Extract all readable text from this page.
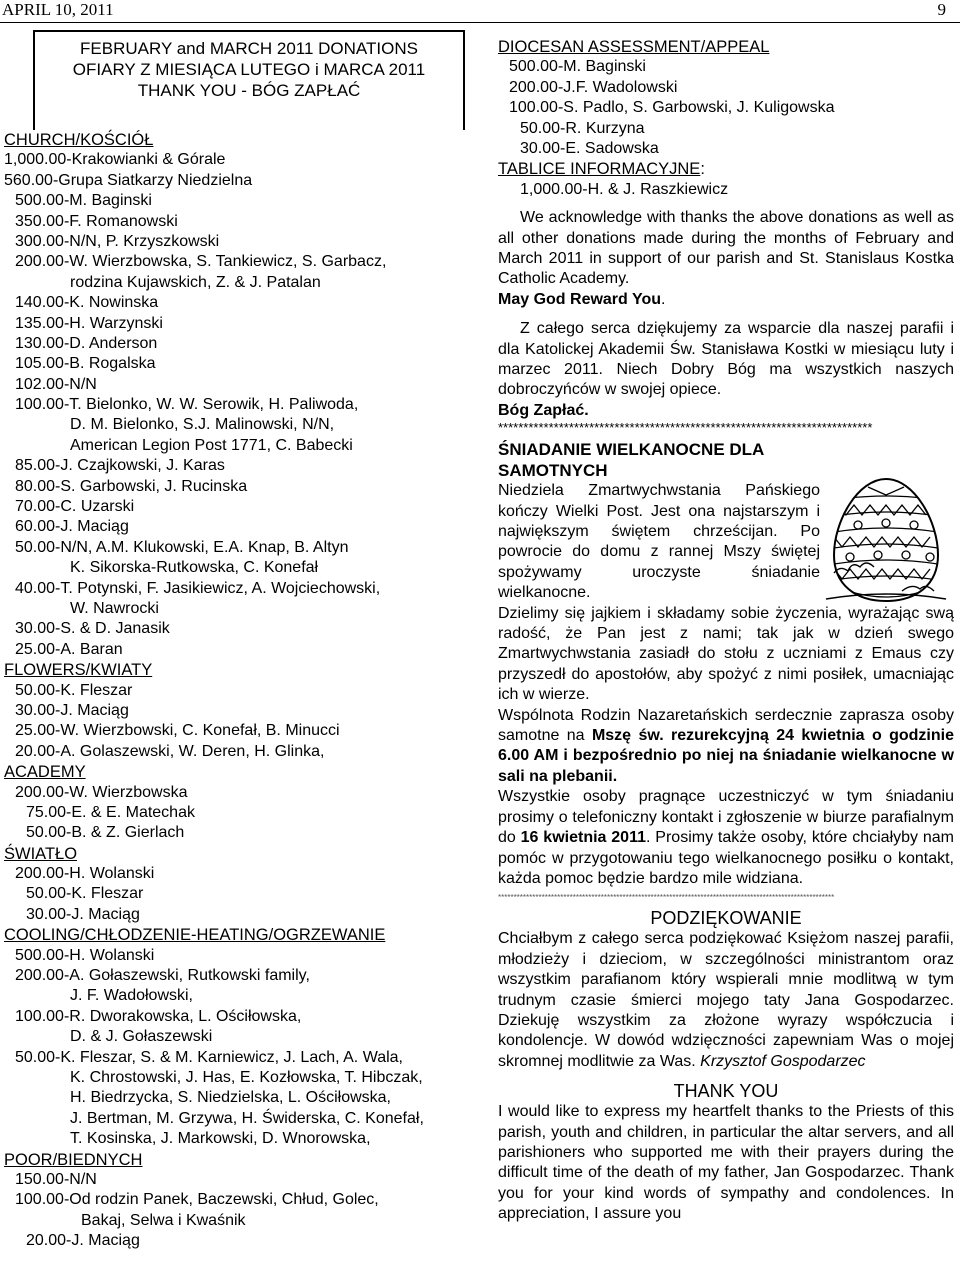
APRIL 10, 2011	9
FEBRUARY and MARCH 2011 DONATIONS
OFIARY Z MIESIĄCA LUTEGO i MARCA 2011
THANK YOU - BÓG ZAPŁAĆ
CHURCH/KOŚCIÓŁ
1,000.00-Krakowianki & Górale
560.00-Grupa Siatkarzy Niedzielna
500.00-M. Baginski
350.00-F. Romanowski
300.00-N/N, P. Krzyszkowski
200.00-W. Wierzbowska, S. Tankiewicz, S. Garbacz,
rodzina Kujawskich, Z. & J. Patalan
140.00-K. Nowinska
135.00-H. Warzynski
130.00-D. Anderson
105.00-B. Rogalska
102.00-N/N
100.00-T. Bielonko, W. W. Serowik, H. Paliwoda,
D. M. Bielonko, S.J. Malinowski, N/N,
American Legion Post 1771, C. Babecki
85.00-J. Czajkowski, J. Karas
80.00-S. Garbowski, J. Rucinska
70.00-C. Uzarski
60.00-J. Maciąg
50.00-N/N, A.M. Klukowski, E.A. Knap, B. Altyn
K. Sikorska-Rutkowska, C. Konefał
40.00-T. Potynski, F. Jasikiewicz, A. Wojciechowski,
W. Nawrocki
30.00-S. & D. Janasik
25.00-A. Baran
FLOWERS/KWIATY
50.00-K. Fleszar
30.00-J. Maciąg
25.00-W. Wierzbowski, C. Konefał, B. Minucci
20.00-A. Golaszewski, W. Deren, H. Glinka,
ACADEMY
200.00-W. Wierzbowska
75.00-E. & E. Matechak
50.00-B. & Z. Gierlach
ŚWIATŁO
200.00-H. Wolanski
50.00-K. Fleszar
30.00-J. Maciąg
COOLING/CHŁODZENIE-HEATING/OGRZEWANIE
500.00-H. Wolanski
200.00-A. Gołaszewski, Rutkowski family,
J. F. Wadołowski,
100.00-R. Dworakowska, L. Ościłowska,
D. & J. Gołaszewski
50.00-K. Fleszar, S. & M. Karniewicz, J. Lach, A. Wala,
K. Chrostowski, J. Has, E. Kozłowska, T. Hibczak,
H. Biedrzycka, S. Niedzielska, L. Ościłowska,
J. Bertman, M. Grzywa, H. Świderska, C. Konefał,
T. Kosinska, J. Markowski, D. Wnorowska,
POOR/BIEDNYCH
150.00-N/N
100.00-Od rodzin Panek, Baczewski, Chłud, Golec,
Bakaj, Selwa i Kwaśnik
20.00-J. Maciąg
DIOCESAN ASSESSMENT/APPEAL
500.00-M. Baginski
200.00-J.F. Wadolowski
100.00-S. Padlo, S. Garbowski, J. Kuligowska
50.00-R. Kurzyna
30.00-E. Sadowska
TABLICE INFORMACYJNE:
1,000.00-H. & J. Raszkiewicz
We acknowledge with thanks the above donations as well as all other donations made during the months of February and March 2011 in support of our parish and St. Stanislaus Kostka Catholic Academy.
May God Reward You.
Z całego serca dziękujemy za wsparcie dla naszej parafii i dla Katolickej Akademii Św. Stanisława Kostki w miesiącu luty i marzec 2011. Niech Dobry Bóg ma wszystkich naszych dobroczyńców w swojej opiece.
Bóg Zapłać.
**************************************************************************
ŚNIADANIE WIELKANOCNE DLA
SAMOTNYCH
Niedziela Zmartwychwstania Pańskiego kończy Wielki Post. Jest ona najstarszym i największym świętem chrześcijan. Po powrocie do domu z rannej Mszy świętej spożywamy uroczyste śniadanie wielkanocne.
Dzielimy się jajkiem i składamy sobie życzenia, wyrażając swą radość, że Pan jest z nami; tak jak w dzień swego Zmartwychwstania zasiadł do stołu z uczniami z Emaus czy przyszedł do apostołów, aby spożyć z nimi posiłek, umacniając ich w wierze.
Wspólnota Rodzin Nazaretańskich serdecznie zaprasza osoby samotne na Mszę św. rezurekcyjną 24 kwietnia o godzinie 6.00 AM i bezpośrednio po niej na śniadanie wielkanocne w sali na plebanii.
Wszystkie osoby pragnące uczestniczyć w tym śniadaniu prosimy o telefoniczny kontakt i zgłoszenie w biurze parafialnym do 16 kwietnia 2011. Prosimy także osoby, które chciałyby nam pomóc w przygotowaniu tego wielkanocnego posiłku o kontakt, każda pomoc będzie bardzo mile widziana.
************************************************************************************************************
PODZIĘKOWANIE
Chciałbym z całego serca podziękować Księżom naszej parafii, młodzieży i dzieciom, w szczególności ministrantom oraz wszystkim parafianom który wspierali mnie modlitwą w tym trudnym czasie śmierci mojego taty Jana Gospodarzec. Dziekuję wszystkim za złożone wyrazy współczucia i kondolencje. W dowód wdzięczności zapewniam Was o mojej skromnej modlitwie za Was. Krzysztof Gospodarzec
THANK YOU
I would like to express my heartfelt thanks to the Priests of this parish, youth and children, in particular the altar servers, and all parishioners who supported me with their prayers during the difficult time of the death of my father, Jan Gospodarzec. Thank you for your kind words of sympathy and condolences. In appreciation, I assure you
